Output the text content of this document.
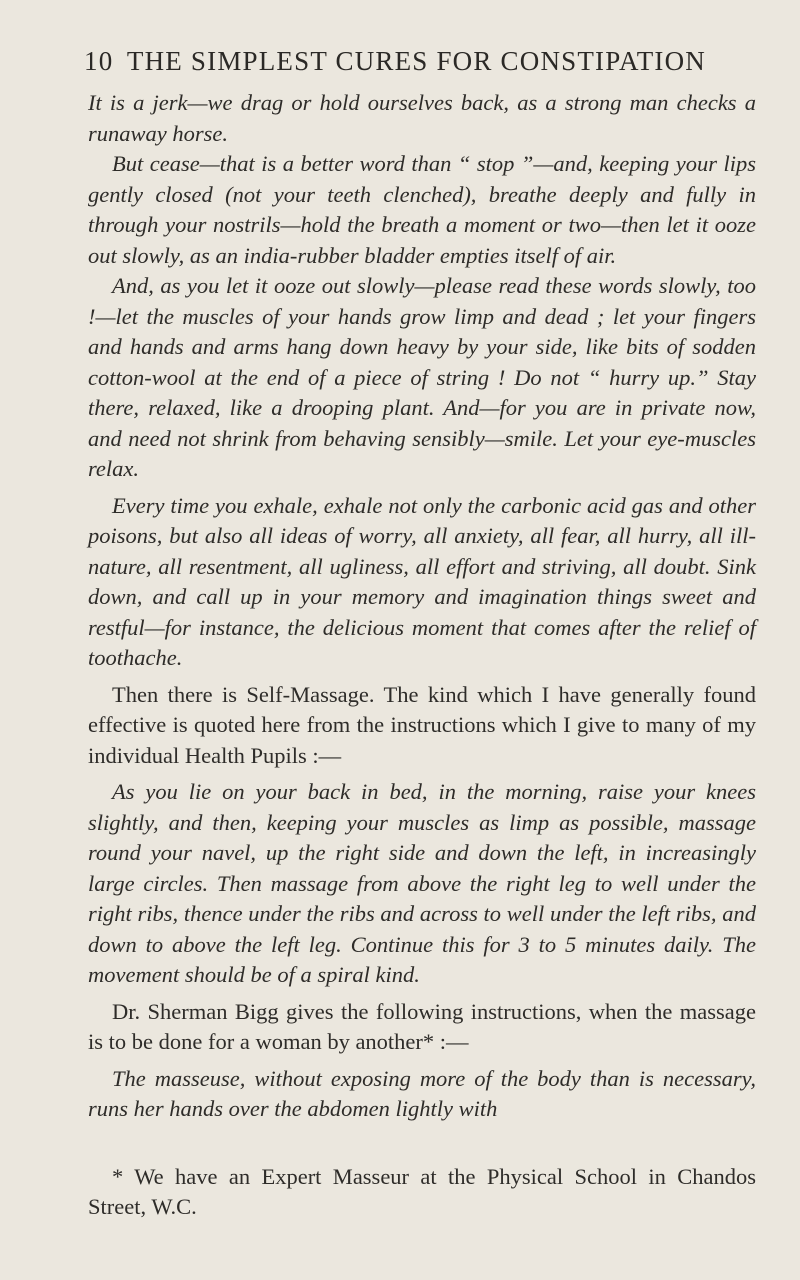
10 THE SIMPLEST CURES FOR CONSTIPATION

It is a jerk—we drag or hold ourselves back, as a strong man checks a runaway horse.

But cease—that is a better word than “ stop ”—and, keeping your lips gently closed (not your teeth clenched), breathe deeply and fully in through your nostrils—hold the breath a moment or two—then let it ooze out slowly, as an india-rubber bladder empties itself of air.

And, as you let it ooze out slowly—please read these words slowly, too !—let the muscles of your hands grow limp and dead ; let your fingers and hands and arms hang down heavy by your side, like bits of sodden cotton-wool at the end of a piece of string ! Do not “ hurry up.” Stay there, relaxed, like a drooping plant. And—for you are in private now, and need not shrink from behaving sensibly—smile. Let your eye-muscles relax.

Every time you exhale, exhale not only the carbonic acid gas and other poisons, but also all ideas of worry, all anxiety, all fear, all hurry, all ill-nature, all resentment, all ugliness, all effort and striving, all doubt. Sink down, and call up in your memory and imagination things sweet and restful—for instance, the delicious moment that comes after the relief of toothache.

Then there is Self-Massage. The kind which I have generally found effective is quoted here from the instructions which I give to many of my individual Health Pupils :—

As you lie on your back in bed, in the morning, raise your knees slightly, and then, keeping your muscles as limp as possible, massage round your navel, up the right side and down the left, in increasingly large circles. Then massage from above the right leg to well under the right ribs, thence under the ribs and across to well under the left ribs, and down to above the left leg. Continue this for 3 to 5 minutes daily. The movement should be of a spiral kind.

Dr. Sherman Bigg gives the following instructions, when the massage is to be done for a woman by another* :—

The masseuse, without exposing more of the body than is necessary, runs her hands over the abdomen lightly with

* We have an Expert Masseur at the Physical School in Chandos Street, W.C.
